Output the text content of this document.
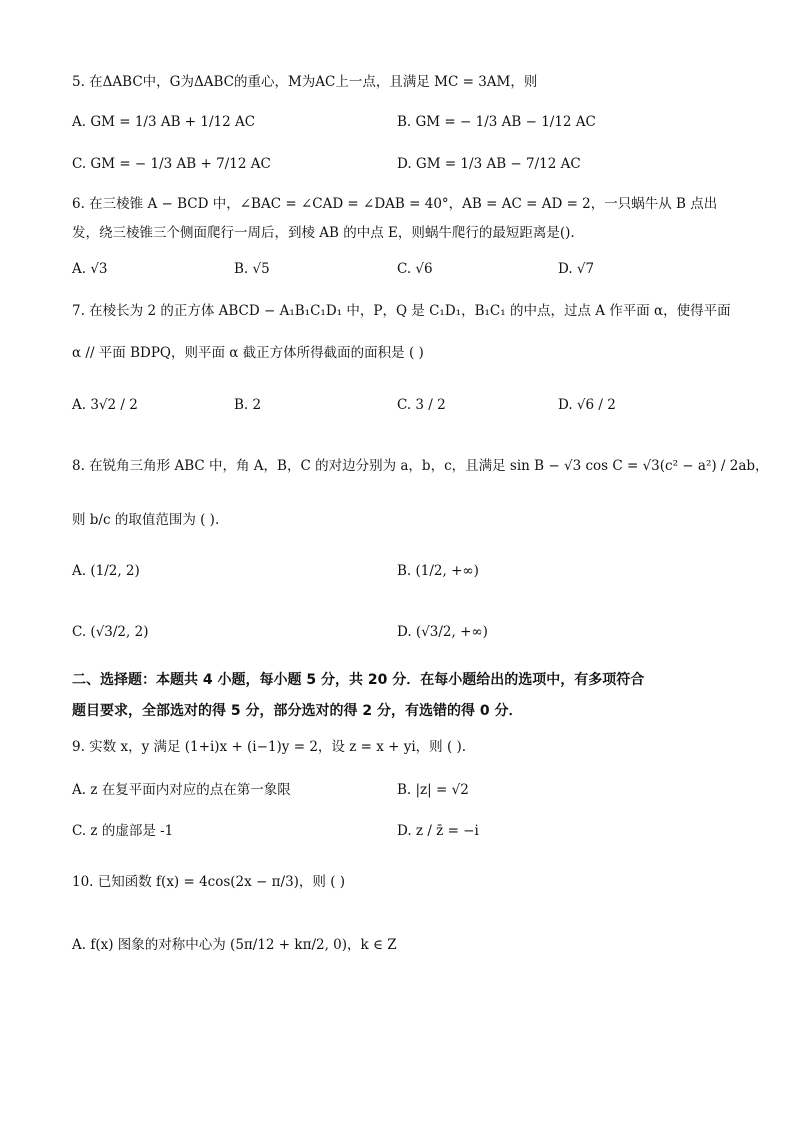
5. 在ΔABC中，G为ΔABC的重心，M为AC上一点，且满足 MC = 3AM，则
A. GM = 1/3 AB + 1/12 AC	B. GM = − 1/3 AB − 1/12 AC
C. GM = − 1/3 AB + 7/12 AC	D. GM = 1/3 AB − 7/12 AC
6. 在三棱锥 A − BCD 中，∠BAC = ∠CAD = ∠DAB = 40°，AB = AC = AD = 2，一只蜗牛从 B 点出
发，绕三棱锥三个侧面爬行一周后，到棱 AB 的中点 E，则蜗牛爬行的最短距离是().
A. √3	B. √5	C. √6	D. √7
7. 在棱长为 2 的正方体 ABCD − A₁B₁C₁D₁ 中，P，Q 是 C₁D₁，B₁C₁ 的中点，过点 A 作平面 α，使得平面
α // 平面 BDPQ，则平面 α 截正方体所得截面的面积是 ( )
A. 3√2 / 2	B. 2	C. 3 / 2	D. √6 / 2
8. 在锐角三角形 ABC 中，角 A，B，C 的对边分别为 a，b，c，且满足 sin B − √3 cos C = √3(c² − a²) / 2ab，
则 b/c 的取值范围为 ( ).
A. (1/2, 2)	B. (1/2, +∞)
C. (√3/2, 2)	D. (√3/2, +∞)
二、选择题：本题共 4 小题，每小题 5 分，共 20 分．在每小题给出的选项中，有多项符合
题目要求，全部选对的得 5 分，部分选对的得 2 分，有选错的得 0 分．
9. 实数 x，y 满足 (1+i)x + (i−1)y = 2，设 z = x + yi，则 ( ).
A. z 在复平面内对应的点在第一象限	B. |z| = √2
C. z 的虚部是 -1	D. z / z̄ = −i
10. 已知函数 f(x) = 4cos(2x − π/3)，则 ( )
A. f(x) 图象的对称中心为 (5π/12 + kπ/2, 0)，k ∈ Z
